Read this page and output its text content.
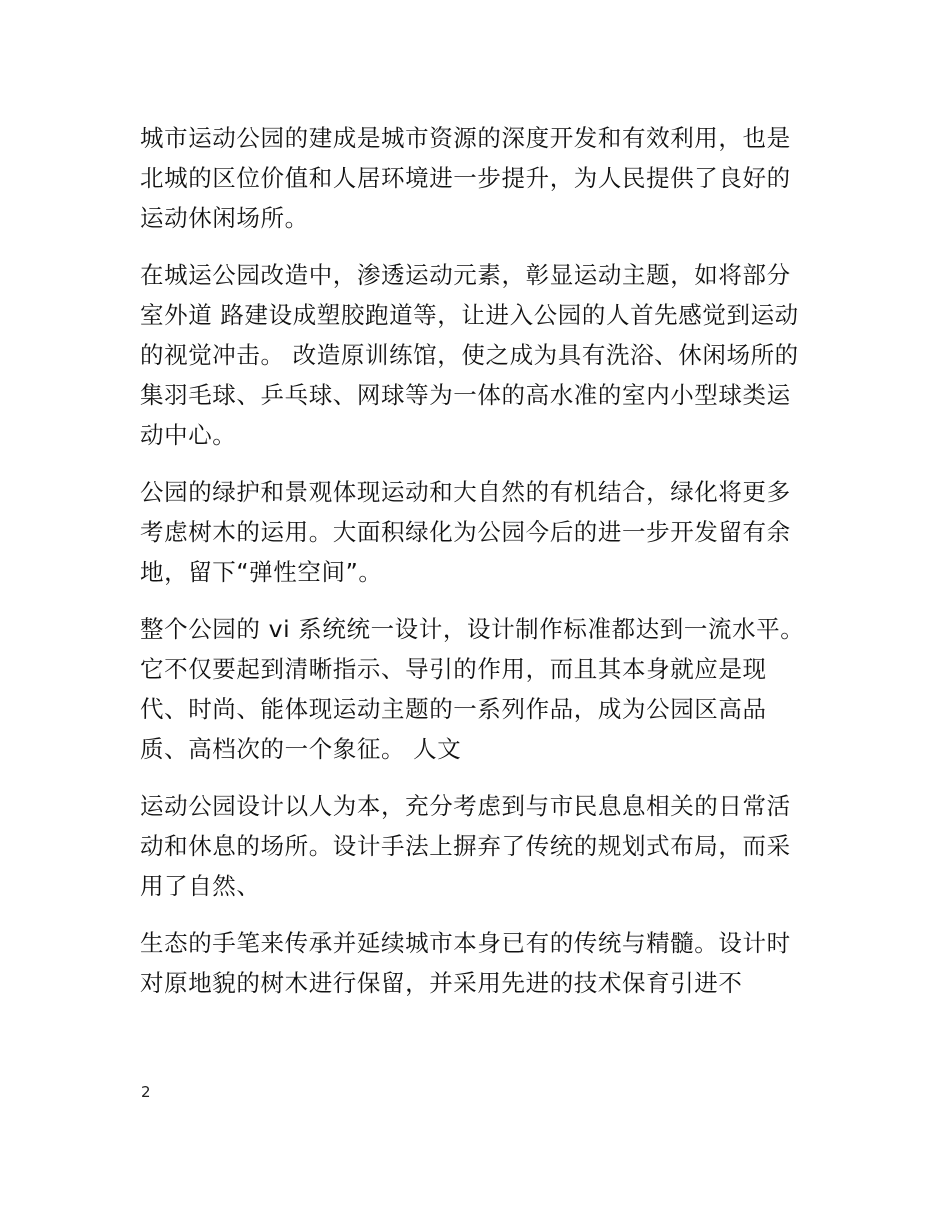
城市运动公园的建成是城市资源的深度开发和有效利用，也是北城的区位价值和人居环境进一步提升，为人民提供了良好的运动休闲场所。

在城运公园改造中，渗透运动元素，彰显运动主题，如将部分室外道 路建设成塑胶跑道等，让进入公园的人首先感觉到运动的视觉冲击。 改造原训练馆，使之成为具有洗浴、休闲场所的集羽毛球、乒乓球、网球等为一体的高水准的室内小型球类运动中心。

公园的绿护和景观体现运动和大自然的有机结合，绿化将更多考虑树木的运用。大面积绿化为公园今后的进一步开发留有余地，留下“弹性空间”。

整个公园的 vi 系统统一设计，设计制作标准都达到一流水平。它不仅要起到清晰指示、导引的作用，而且其本身就应是现代、时尚、能体现运动主题的一系列作品，成为公园区高品质、高档次的一个象征。 人文

运动公园设计以人为本，充分考虑到与市民息息相关的日常活动和休息的场所。设计手法上摒弃了传统的规划式布局，而采用了自然、

生态的手笔来传承并延续城市本身已有的传统与精髓。设计时对原地貌的树木进行保留，并采用先进的技术保育引进不

2
